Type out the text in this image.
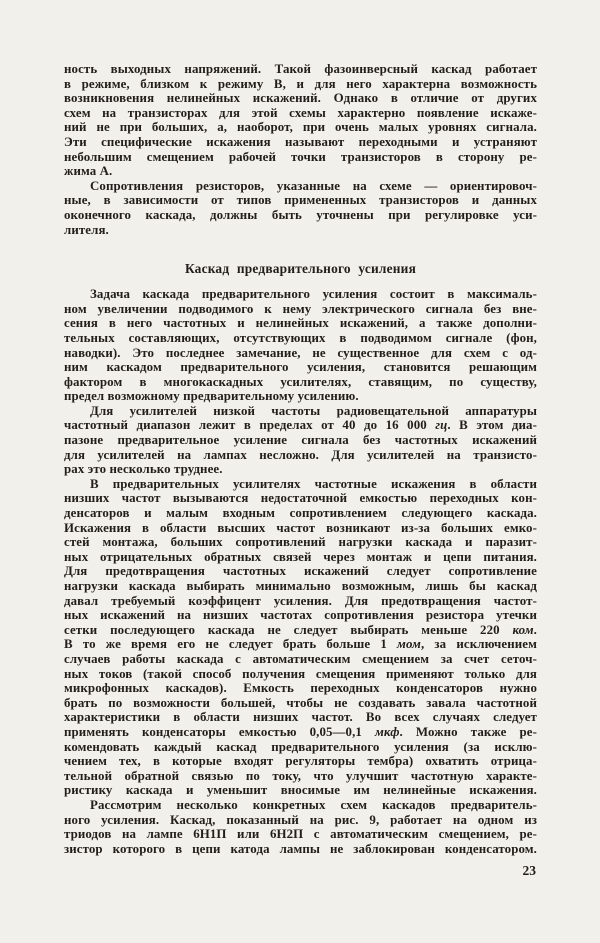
ность выходных напряжений. Такой фазоинверсный каскад работает
в режиме, близком к режиму В, и для него характерна возможность
возникновения нелинейных искажений. Однако в отличие от других
схем на транзисторах для этой схемы характерно появление искаже-
ний не при больших, а, наоборот, при очень малых уровнях сигнала.
Эти специфические искажения называют переходными и устраняют
небольшим смещением рабочей точки транзисторов в сторону ре-
жима А.
Сопротивления резисторов, указанные на схеме — ориентировоч-
ные, в зависимости от типов примененных транзисторов и данных
оконечного каскада, должны быть уточнены при регулировке уси-
лителя.
Каскад предварительного усиления
Задача каскада предварительного усиления состоит в максималь-
ном увеличении подводимого к нему электрического сигнала без вне-
сения в него частотных и нелинейных искажений, а также дополни-
тельных составляющих, отсутствующих в подводимом сигнале (фон,
наводки). Это последнее замечание, не существенное для схем с од-
ним каскадом предварительного усиления, становится решающим
фактором в многокаскадных усилителях, ставящим, по существу,
предел возможному предварительному усилению.
Для усилителей низкой частоты радиовещательной аппаратуры
частотный диапазон лежит в пределах от 40 до 16 000 гц. В этом диа-
пазоне предварительное усиление сигнала без частотных искажений
для усилителей на лампах несложно. Для усилителей на транзисто-
рах это несколько труднее.
В предварительных усилителях частотные искажения в области
низших частот вызываются недостаточной емкостью переходных кон-
денсаторов и малым входным сопротивлением следующего каскада.
Искажения в области высших частот возникают из-за больших емко-
стей монтажа, больших сопротивлений нагрузки каскада и паразит-
ных отрицательных обратных связей через монтаж и цепи питания.
Для предотвращения частотных искажений следует сопротивление
нагрузки каскада выбирать минимально возможным, лишь бы каскад
давал требуемый коэффицент усиления. Для предотвращения частот-
ных искажений на низших частотах сопротивления резистора утечки
сетки последующего каскада не следует выбирать меньше 220 ком.
В то же время его не следует брать больше 1 мом, за исключением
случаев работы каскада с автоматическим смещением за счет сеточ-
ных токов (такой способ получения смещения применяют только для
микрофонных каскадов). Емкость переходных конденсаторов нужно
брать по возможности большей, чтобы не создавать завала частотной
характеристики в области низших частот. Во всех случаях следует
применять конденсаторы емкостью 0,05—0,1 мкф. Можно также ре-
комендовать каждый каскад предварительного усиления (за исклю-
чением тех, в которые входят регуляторы тембра) охватить отрица-
тельной обратной связью по току, что улучшит частотную характе-
ристику каскада и уменьшит вносимые им нелинейные искажения.
Рассмотрим несколько конкретных схем каскадов предваритель-
ного усиления. Каскад, показанный на рис. 9, работает на одном из
триодов на лампе 6Н1П или 6Н2П с автоматическим смещением, ре-
зистор которого в цепи катода лампы не заблокирован конденсатором.
23
